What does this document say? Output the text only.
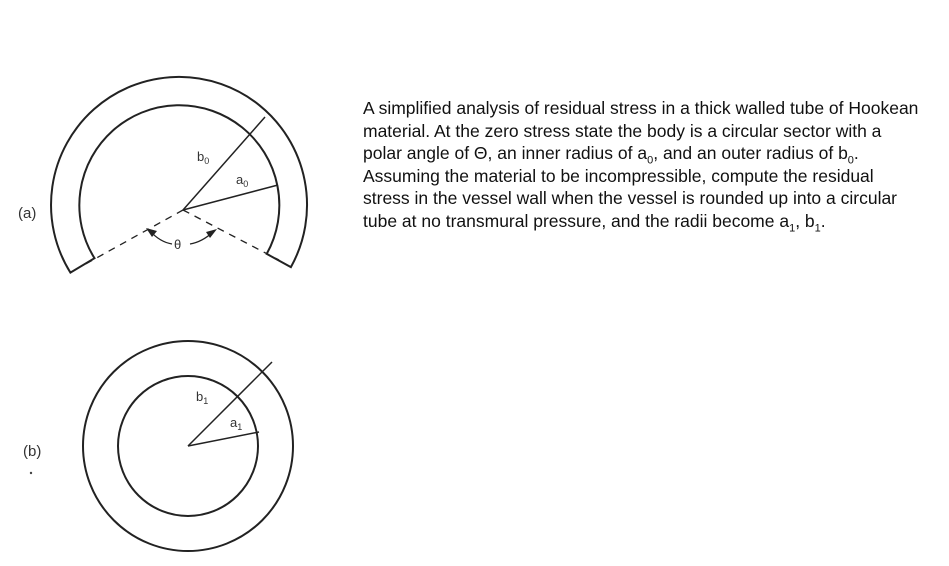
(a)
θ
$b_0$
$a_0$
(b)
$b_1$
$a_1$
A simplified analysis of residual stress in a thick walled tube of Hookean material. At the zero stress state the body is a circular sector with a polar angle of Θ, an inner radius of $a_0$, and an outer radius of $b_0$. Assuming the material to be incompressible, compute the residual stress in the vessel wall when the vessel is rounded up into a circular tube at no transmural pressure, and the radii become $a_1$, $b_1$.
